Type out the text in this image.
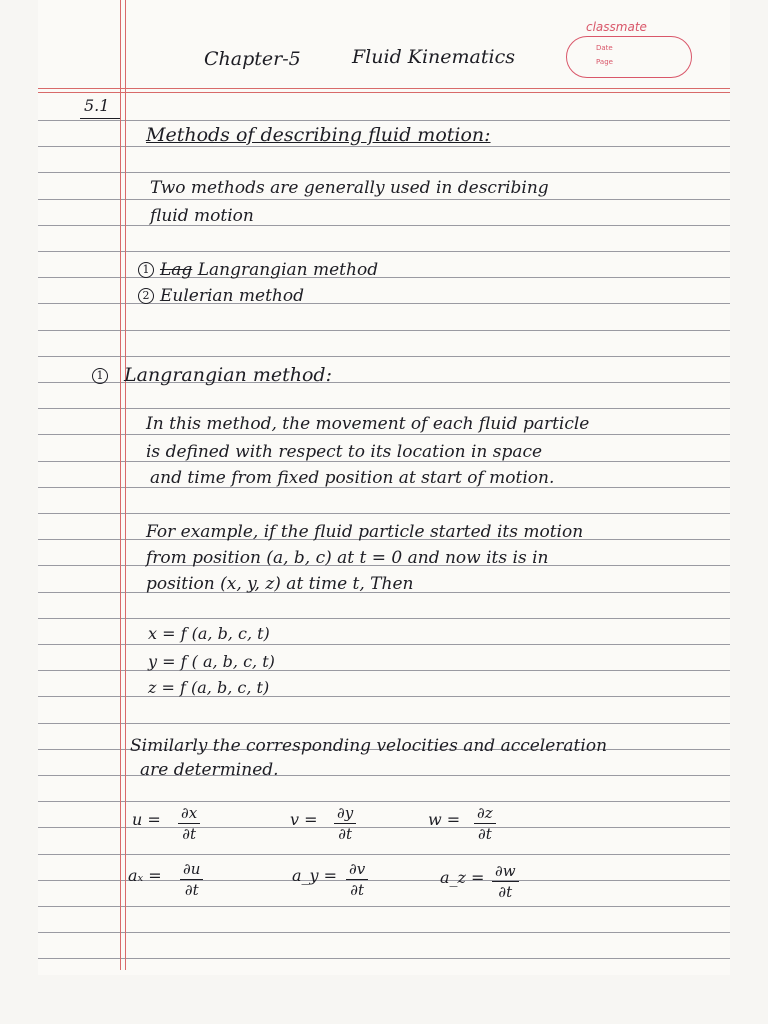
classmate
Date
Page
Chapter-5	Fluid Kinematics
5.1
Methods of describing fluid motion:
Two methods are generally used in describing
fluid motion
1 Lag Langrangian method
2 Eulerian method
1 Langrangian method:
In this method, the movement of each fluid particle
is defined with respect to its location in space
and time from fixed position at start of motion.
For example, if the fluid particle started its motion
from position (a, b, c) at t = 0 and now its is in
position (x, y, z) at time t, Then
x = f (a, b, c, t)
y = f ( a, b, c, t)
z = f (a, b, c, t)
Similarly the corresponding velocities and acceleration
are determined.
$u = \frac{\partial x}{\partial t}$	$v = \frac{\partial y}{\partial t}$	$w = \frac{\partial z}{\partial t}$
$a_x = \frac{\partial u}{\partial t}$	a_y = $\frac{\partial v}{\partial t}$	a_z = $\frac{\partial w}{\partial t}$
